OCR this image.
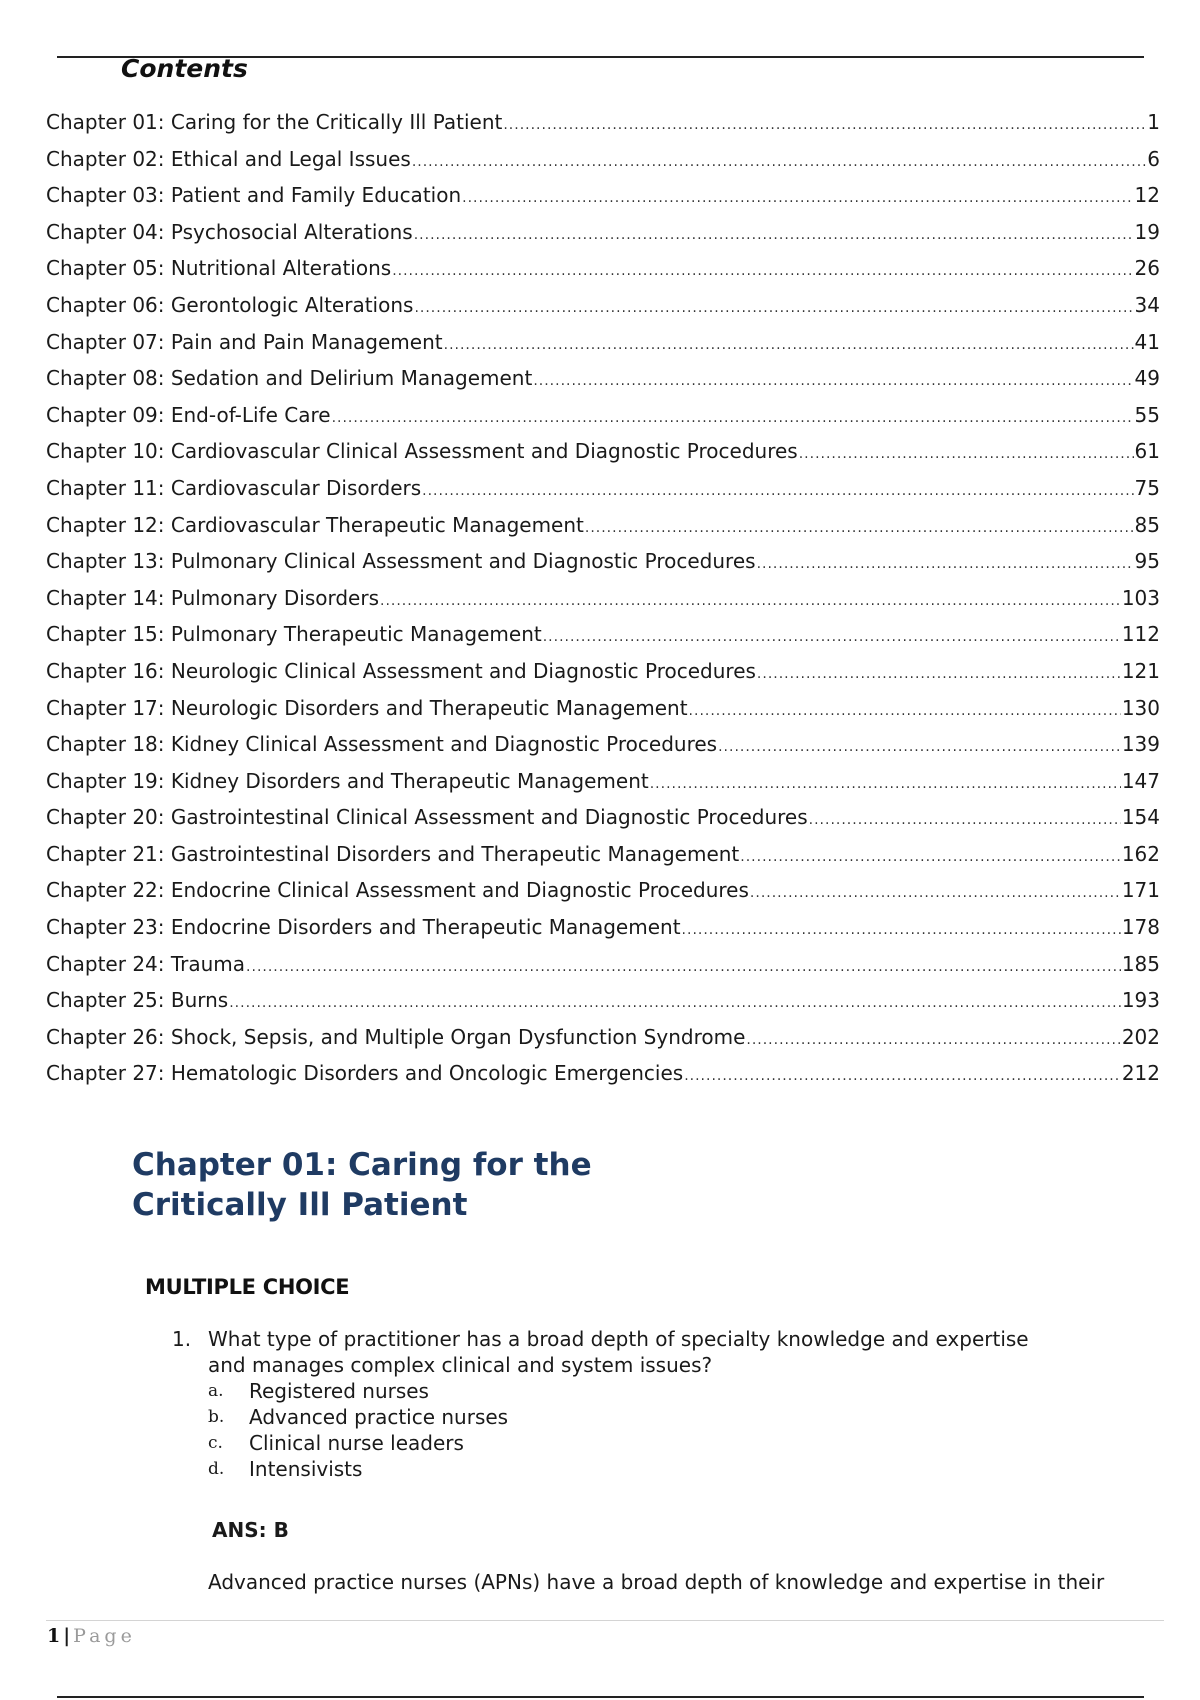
Contents
Chapter 01: Caring for the Critically Ill Patient .....	1
Chapter 02: Ethical and Legal Issues .....	6
Chapter 03: Patient and Family Education .....	12
Chapter 04: Psychosocial Alterations .....	19
Chapter 05: Nutritional Alterations .....	26
Chapter 06: Gerontologic Alterations .....	34
Chapter 07: Pain and Pain Management .....	41
Chapter 08: Sedation and Delirium Management .....	49
Chapter 09: End-of-Life Care .....	55
Chapter 10: Cardiovascular Clinical Assessment and Diagnostic Procedures .....	61
Chapter 11: Cardiovascular Disorders .....	75
Chapter 12: Cardiovascular Therapeutic Management .....	85
Chapter 13: Pulmonary Clinical Assessment and Diagnostic Procedures .....	95
Chapter 14: Pulmonary Disorders .....	103
Chapter 15: Pulmonary Therapeutic Management .....	112
Chapter 16: Neurologic Clinical Assessment and Diagnostic Procedures .....	121
Chapter 17: Neurologic Disorders and Therapeutic Management .....	130
Chapter 18: Kidney Clinical Assessment and Diagnostic Procedures .....	139
Chapter 19: Kidney Disorders and Therapeutic Management .....	147
Chapter 20: Gastrointestinal Clinical Assessment and Diagnostic Procedures .....	154
Chapter 21: Gastrointestinal Disorders and Therapeutic Management .....	162
Chapter 22: Endocrine Clinical Assessment and Diagnostic Procedures .....	171
Chapter 23: Endocrine Disorders and Therapeutic Management .....	178
Chapter 24: Trauma .....	185
Chapter 25: Burns .....	193
Chapter 26: Shock, Sepsis, and Multiple Organ Dysfunction Syndrome .....	202
Chapter 27: Hematologic Disorders and Oncologic Emergencies .....	212
Chapter 01: Caring for the Critically Ill Patient
MULTIPLE CHOICE
1. What type of practitioner has a broad depth of specialty knowledge and expertise and manages complex clinical and system issues?
a.	Registered nurses
b.	Advanced practice nurses
c.	Clinical nurse leaders
d.	Intensivists
ANS: B
Advanced practice nurses (APNs) have a broad depth of knowledge and expertise in their
1 | Page
